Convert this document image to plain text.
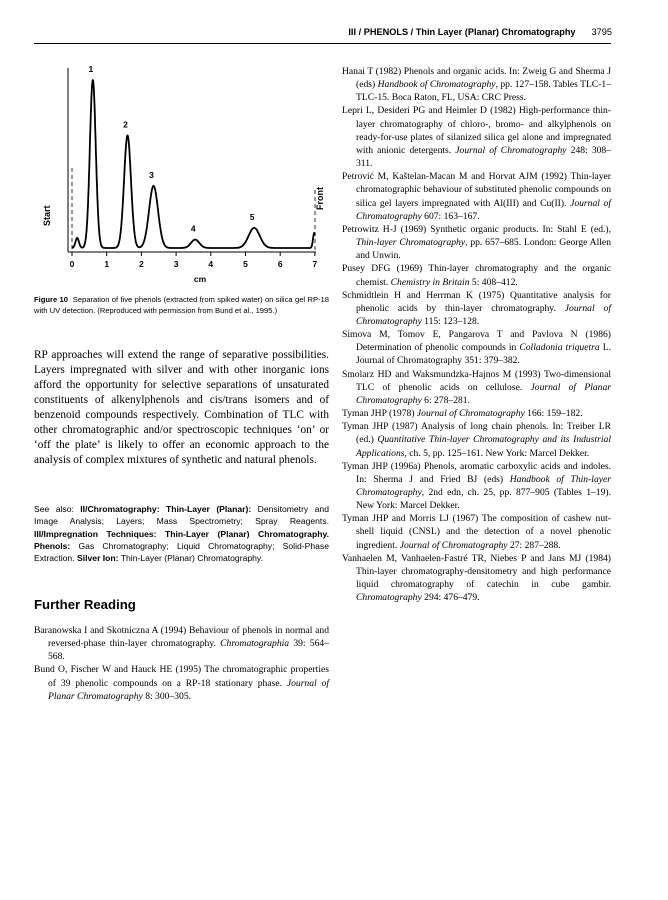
III / PHENOLS / Thin Layer (Planar) Chromatography 3795
Start
Front
0	1	2	3	4	5	6	7
1
2
3
4
5
cm

Figure 10 Separation of five phenols (extracted from spiked water) on silica gel RP-18 with UV detection. (Reproduced with permission from Bund et al., 1995.)

RP approaches will extend the range of separative possibilities. Layers impregnated with silver and with other inorganic ions afford the opportunity for selective separations of unsaturated constituents of alkenylphenols and cis/trans isomers and of benzenoid compounds respectively. Combination of TLC with other chromatographic and/or spectroscopic techniques ‘on’ or ‘off the plate’ is likely to offer an economic approach to the analysis of complex mixtures of synthetic and natural phenols.

See also: II/Chromatography: Thin-Layer (Planar): Densitometry and Image Analysis; Layers; Mass Spectrometry; Spray Reagents. III/Impregnation Techniques: Thin-Layer (Planar) Chromatography. Phenols: Gas Chromatography; Liquid Chromatography; Solid-Phase Extraction. Silver Ion: Thin-Layer (Planar) Chromatography.

Further Reading

Baranowska I and Skotniczna A (1994) Behaviour of phenols in normal and reversed-phase thin-layer chromatography. Chromatographia 39: 564–568.

Bund O, Fischer W and Hauck HE (1995) The chromatographic properties of 39 phenolic compounds on a RP-18 stationary phase. Journal of Planar Chromatography 8: 300–305.

Hanai T (1982) Phenols and organic acids. In: Zweig G and Sherma J (eds) Handbook of Chromatography, pp. 127–158. Tables TLC-1–TLC-15. Boca Raton, FL, USA: CRC Press.

Lepri L, Desideri PG and Heimler D (1982) High-performance thin-layer chromatography of chloro-, bromo- and alkylphenols on ready-for-use plates of silanized silica gel alone and impregnated with anionic detergents. Journal of Chromatography 248: 308–311.

Petrović M, Kaštelan-Macan M and Horvat AJM (1992) Thin-layer chromatographic behaviour of substituted phenolic compounds on silica gel layers impregnated with Al(III) and Cu(II). Journal of Chromatography 607: 163–167.

Petrowitz H-J (1969) Synthetic organic products. In: Stahl E (ed.), Thin-layer Chromatography, pp. 657–685. London: George Allen and Unwin.

Pusey DFG (1969) Thin-layer chromatography and the organic chemist. Chemistry in Britain 5: 408–412.

Schmidtlein H and Herrman K (1975) Quantitative analysis for phenolic acids by thin-layer chromatography. Journal of Chromatography 115: 123–128.

Simova M, Tomov E, Pangarova T and Pavlova N (1986) Determination of phenolic compounds in Colladonia triquetra L. Journal of Chromatography 351: 379–382.

Smolarz HD and Waksmundzka-Hajnos M (1993) Two-dimensional TLC of phenolic acids on cellulose. Journal of Planar Chromatography 6: 278–281.

Tyman JHP (1978) Journal of Chromatography 166: 159–182.

Tyman JHP (1987) Analysis of long chain phenols. In: Treiber LR (ed.) Quantitative Thin-layer Chromatography and its Industrial Applications, ch. 5, pp. 125–161. New York: Marcel Dekker.

Tyman JHP (1996a) Phenols, aromatic carboxylic acids and indoles. In: Sherma J and Fried BJ (eds) Handbook of Thin-layer Chromatography, 2nd edn, ch. 25, pp. 877–905 (Tables 1–19). New York: Marcel Dekker.

Tyman JHP and Morris LJ (1967) The composition of cashew nut-shell liquid (CNSL) and the detection of a novel phenolic ingredient. Journal of Chromatography 27: 287–288.

Vanhaelen M, Vanhaelen-Fastré TR, Niebes P and Jans MJ (1984) Thin-layer chromatography-densitometry and high performance liquid chromatography of catechin in cube gambir. Chromatography 294: 476–479.
